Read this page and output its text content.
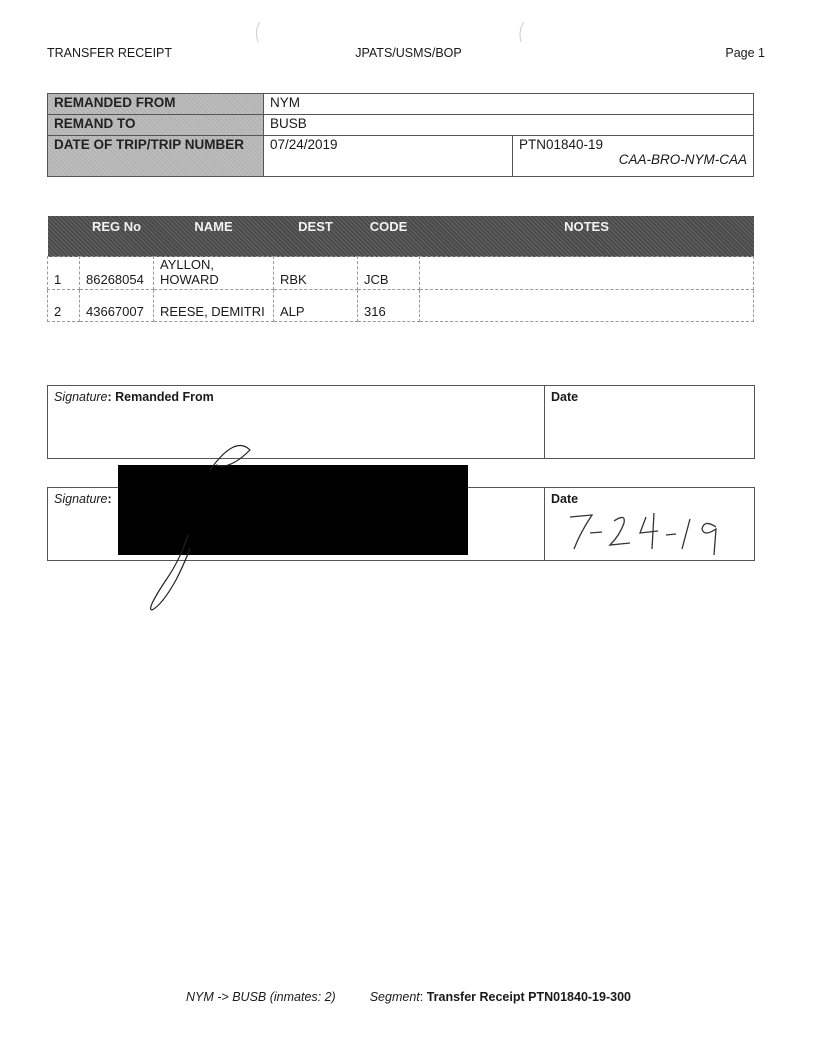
TRANSFER RECEIPT	JPATS/USMS/BOP	Page 1
REMANDED FROM	NYM	
REMAND TO	BUSB	
DATE OF TRIP/TRIP NUMBER	07/24/2019	PTN01840-19
CAA-BRO-NYM-CAA
	REG No	NAME	DEST	CODE	NOTES
1	86268054	AYLLON, HOWARD	RBK	JCB	
2	43667007	REESE, DEMITRI	ALP	316	
Signature: Remanded From	Date
Signature:	Date
NYM -> BUSB (inmates: 2)	Segment: Transfer Receipt PTN01840-19-300
